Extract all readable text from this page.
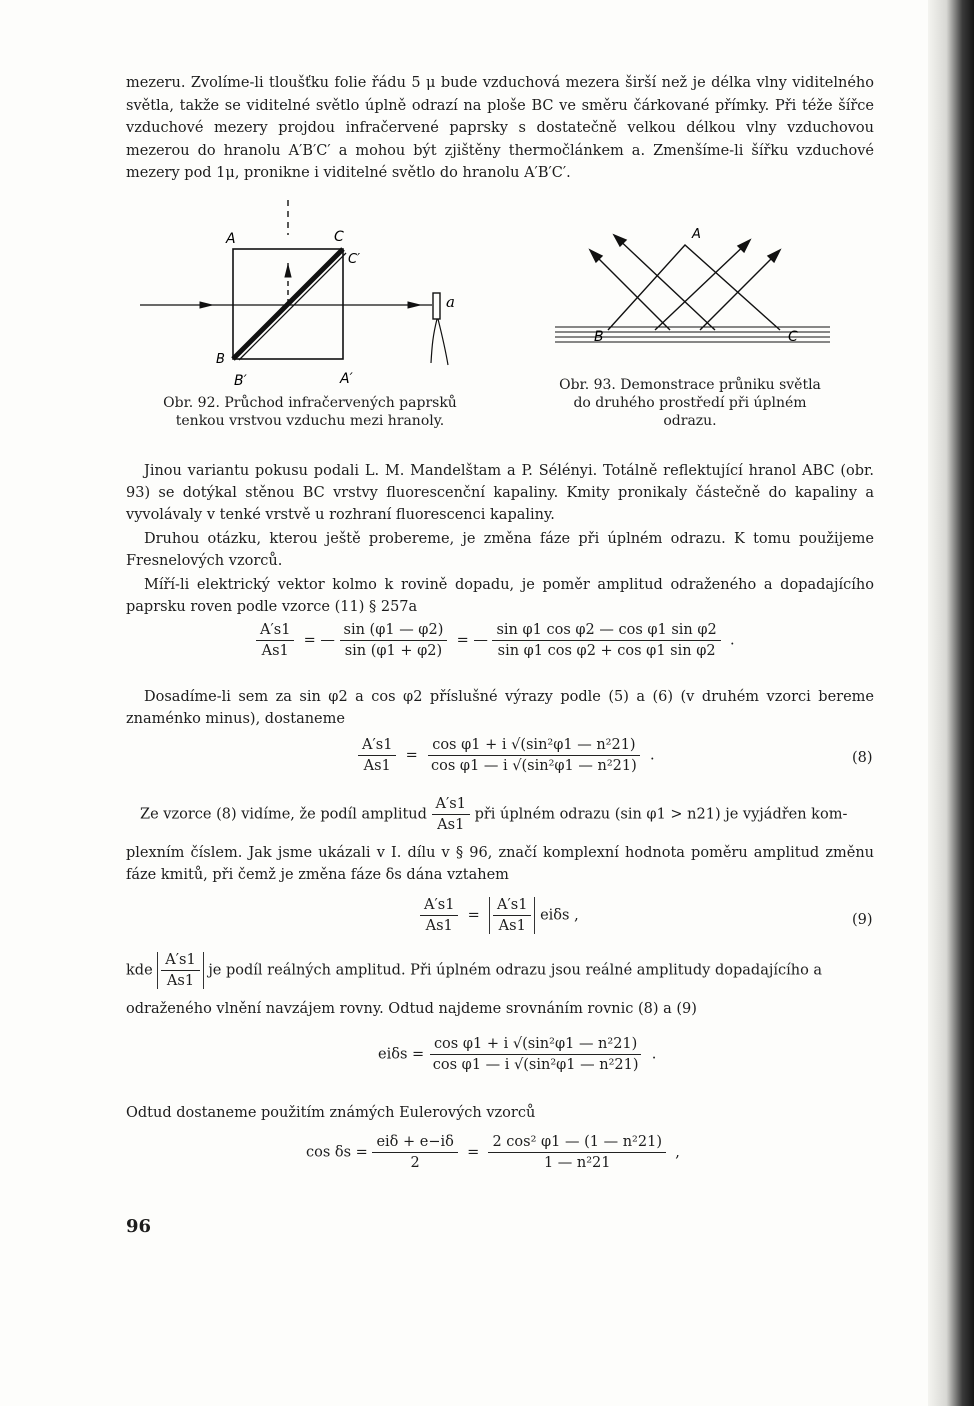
mezeru. Zvolíme-li tloušťku folie řádu 5 μ bude vzduchová mezera širší než je délka vlny viditelného světla, takže se viditelné světlo úplně odrazí na ploše BC ve směru čárkované přímky. Při téže šířce vzduchové mezery projdou infračervené paprsky s dostatečně velkou délkou vlny vzduchovou mezerou do hranolu A′B′C′ a mohou být zjištěny thermočlánkem a. Zmenšíme-li šířku vzduchové mezery pod 1μ, pronikne i viditelné světlo do hranolu A′B′C′.

A	C
C′
a
B
B′	A′
Obr. 92. Průchod infračervených paprsků tenkou vrstvou vzduchu mezi hranoly.
A
B	C
Obr. 93. Demonstrace průniku světla do druhého prostředí při úplném odrazu.

Jinou variantu pokusu podali L. M. Mandelštam a P. Sélényi. Totálně reflektující hranol ABC (obr. 93) se dotýkal stěnou BC vrstvy fluorescenční kapaliny. Kmity pronikaly částečně do kapaliny a vyvolávaly v tenké vrstvě u rozhraní fluorescenci kapaliny.

Druhou otázku, kterou ještě probereme, je změna fáze při úplném odrazu. K tomu použijeme Fresnelových vzorců.

Míří-li elektrický vektor kolmo k rovině dopadu, je poměr amplitud odraženého a dopadajícího paprsku roven podle vzorce (11) § 257a

$\frac{A's1}{As1}$ = — $\frac{\sin (\varphi 1 — \varphi 2)}{\sin (\varphi 1 + \varphi 2)}$ = — $\frac{\text{sin φ1 cos φ2 — cos φ1 sin φ2}}{\text{sin φ1 cos φ2 + cos φ1 sin φ2}}$ .

Dosadíme-li sem za sin φ2 a cos φ2 příslušné výrazy podle (5) a (6) (v druhém vzorci bereme znaménko minus), dostaneme

$\frac{A's1}{As1} = \frac{\text{cos φ1 + i √(sin²φ1 — n²21)}}{\text{cos φ1 — i √(sin²φ1 — n²21)}}$ .	(8)
Ze vzorce (8) vidíme, že podíl amplitud $\frac{A's1}{As1}$ při úplném odrazu (sin φ1 > n21) je vyjádřen kom-

plexním číslem. Jak jsme ukázali v I. dílu v § 96, značí komplexní hodnota poměru amplitud změnu fáze kmitů, při čemž je změna fáze δs dána vztahem

$\frac{A's1}{As1} = \frac{A's1}{As1}$ eiδs ,	(9)
kde $\frac{A's1}{As1}$ je podíl reálných amplitud. Při úplném odrazu jsou reálné amplitudy dopadajícího a

odraženého vlnění navzájem rovny. Odtud najdeme srovnáním rovnic (8) a (9)

$ei\delta s = \frac{\text{cos φ1 + i √(sin²φ1 — n²21)}}{\text{cos φ1 — i √(sin²φ1 — n²21)}}$ .

Odtud dostaneme použitím známých Eulerových vzorců

$\cos \delta s = \frac{\text{eiδ + e−iδ}}{2} = \frac{\text{2 cos² φ1 — (1 — n²21)}}{\text{1 — n²21}}$ ,
96
